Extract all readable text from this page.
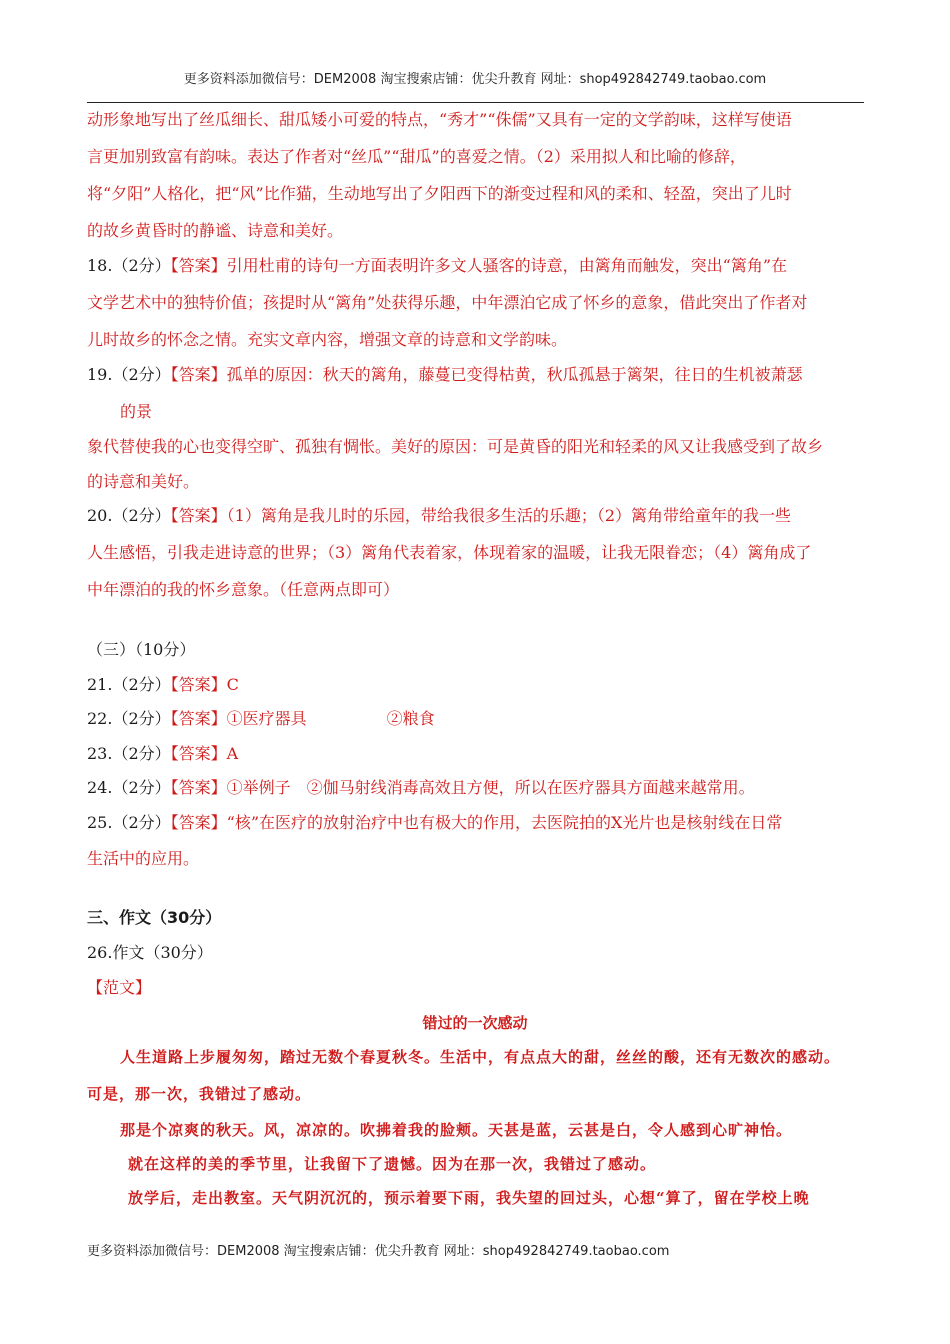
更多资料添加微信号：DEM2008 淘宝搜索店铺：优尖升教育 网址：shop492842749.taobao.com
动形象地写出了丝瓜细长、甜瓜矮小可爱的特点，“秀才”“侏儒”又具有一定的文学韵味，这样写使语
言更加别致富有韵味。表达了作者对“丝瓜”“甜瓜”的喜爱之情。（2）采用拟人和比喻的修辞，
将“夕阳”人格化，把“风”比作猫，生动地写出了夕阳西下的渐变过程和风的柔和、轻盈，突出了儿时
的故乡黄昏时的静谧、诗意和美好。
18.（2分）【答案】引用杜甫的诗句一方面表明许多文人骚客的诗意，由篱角而触发，突出“篱角”在
文学艺术中的独特价值；孩提时从“篱角”处获得乐趣，中年漂泊它成了怀乡的意象，借此突出了作者对
儿时故乡的怀念之情。充实文章内容，增强文章的诗意和文学韵味。
19.（2分）【答案】孤单的原因：秋天的篱角，藤蔓已变得枯黄，秋瓜孤悬于篱架，往日的生机被萧瑟
的景
象代替使我的心也变得空旷、孤独有惆怅。美好的原因：可是黄昏的阳光和轻柔的风又让我感受到了故乡
的诗意和美好。
20.（2分）【答案】（1）篱角是我儿时的乐园，带给我很多生活的乐趣；（2）篱角带给童年的我一些
人生感悟，引我走进诗意的世界；（3）篱角代表着家，体现着家的温暖，让我无限眷恋；（4）篱角成了
中年漂泊的我的怀乡意象。（任意两点即可）
（三）（10分）
21.（2分）【答案】C
22.（2分）【答案】①医疗器具	②粮食
23.（2分）【答案】A
24.（2分）【答案】①举例子　②伽马射线消毒高效且方便，所以在医疗器具方面越来越常用。
25.（2分）【答案】“核”在医疗的放射治疗中也有极大的作用，去医院拍的X光片也是核射线在日常
生活中的应用。
三、作文（30分）
26.作文（30分）
【范文】
错过的一次感动
人生道路上步履匆匆，踏过无数个春夏秋冬。生活中，有点点大的甜，丝丝的酸，还有无数次的感动。
可是，那一次，我错过了感动。
那是个凉爽的秋天。风，凉凉的。吹拂着我的脸颊。天甚是蓝，云甚是白，令人感到心旷神怡。
就在这样的美的季节里，让我留下了遗憾。因为在那一次，我错过了感动。
放学后，走出教室。天气阴沉沉的，预示着要下雨，我失望的回过头，心想“算了，留在学校上晚
更多资料添加微信号：DEM2008 淘宝搜索店铺：优尖升教育 网址：shop492842749.taobao.com
